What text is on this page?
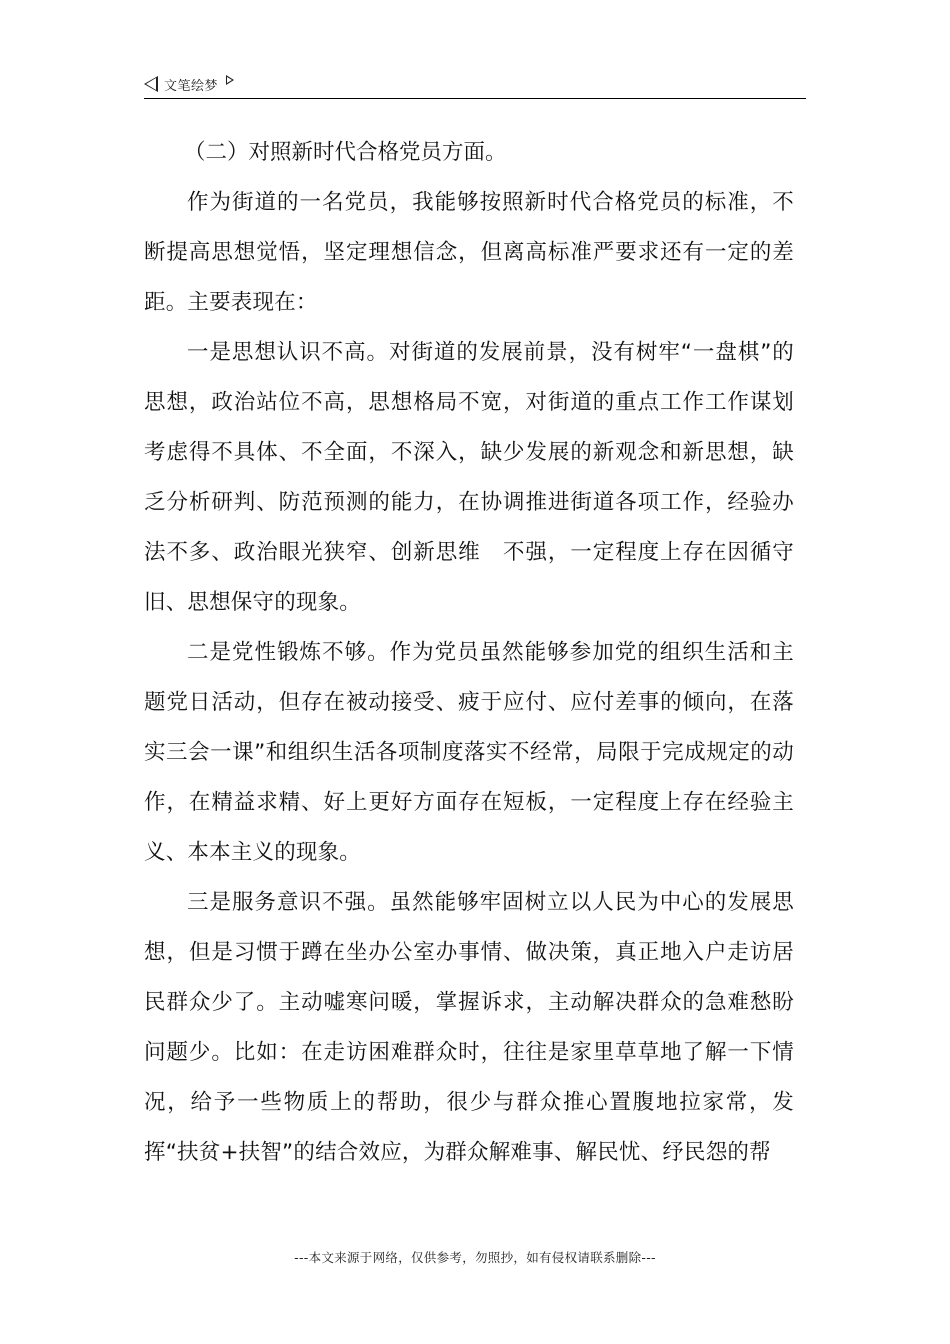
文笔绘梦

（二）对照新时代合格党员方面。

作为街道的一名党员，我能够按照新时代合格党员的标准，不断提高思想觉悟，坚定理想信念，但离高标准严要求还有一定的差距。主要表现在：

一是思想认识不高。对街道的发展前景，没有树牢“一盘棋”的思想，政治站位不高，思想格局不宽，对街道的重点工作工作谋划考虑得不具体、不全面，不深入，缺少发展的新观念和新思想，缺乏分析研判、防范预测的能力，在协调推进街道各项工作，经验办法不多、政治眼光狭窄、创新思维　不强，一定程度上存在因循守旧、思想保守的现象。

二是党性锻炼不够。作为党员虽然能够参加党的组织生活和主题党日活动，但存在被动接受、疲于应付、应付差事的倾向，在落实三会一课”和组织生活各项制度落实不经常，局限于完成规定的动作，在精益求精、好上更好方面存在短板，一定程度上存在经验主义、本本主义的现象。

三是服务意识不强。虽然能够牢固树立以人民为中心的发展思想，但是习惯于蹲在坐办公室办事情、做决策，真正地入户走访居民群众少了。主动嘘寒问暖，掌握诉求，主动解决群众的急难愁盼问题少。比如：在走访困难群众时，往往是家里草草地了解一下情况，给予一些物质上的帮助，很少与群众推心置腹地拉家常，发挥“扶贫+扶智”的结合效应，为群众解难事、解民忧、纾民怨的帮

---本文来源于网络，仅供参考，勿照抄，如有侵权请联系删除---
